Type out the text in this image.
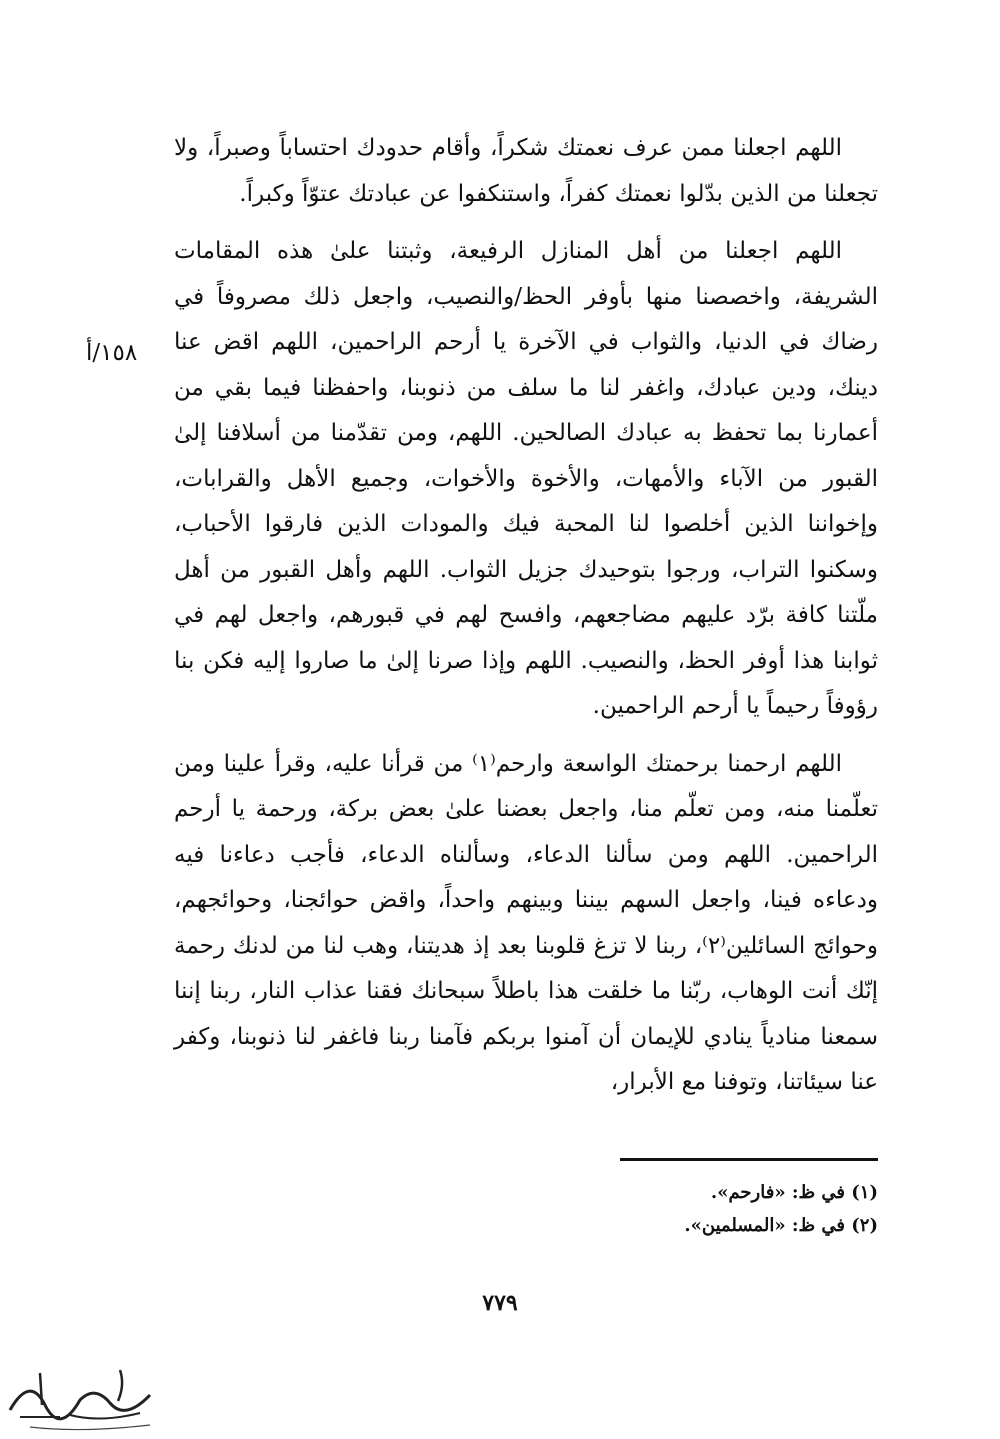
اللهم اجعلنا ممن عرف نعمتك شكراً، وأقام حدودك احتساباً وصبراً، ولا تجعلنا من الذين بدّلوا نعمتك كفراً، واستنكفوا عن عبادتك عتوّاً وكبراً.

اللهم اجعلنا من أهل المنازل الرفيعة، وثبتنا علىٰ هذه المقامات الشريفة، واخصصنا منها بأوفر الحظ/والنصيب، واجعل ذلك مصروفاً في رضاك في الدنيا، والثواب في الآخرة يا أرحم الراحمين، اللهم اقض عنا دينك، ودين عبادك، واغفر لنا ما سلف من ذنوبنا، واحفظنا فيما بقي من أعمارنا بما تحفظ به عبادك الصالحين. اللهم، ومن تقدّمنا من أسلافنا إلىٰ القبور من الآباء والأمهات، والأخوة والأخوات، وجميع الأهل والقرابات، وإخواننا الذين أخلصوا لنا المحبة فيك والمودات الذين فارقوا الأحباب، وسكنوا التراب، ورجوا بتوحيدك جزيل الثواب. اللهم وأهل القبور من أهل ملّتنا كافة برّد عليهم مضاجعهم، وافسح لهم في قبورهم، واجعل لهم في ثوابنا هذا أوفر الحظ، والنصيب. اللهم وإذا صرنا إلىٰ ما صاروا إليه فكن بنا رؤوفاً رحيماً يا أرحم الراحمين.

اللهم ارحمنا برحمتك الواسعة وارحم⁽١⁾ من قرأنا عليه، وقرأ علينا ومن تعلّمنا منه، ومن تعلّم منا، واجعل بعضنا علىٰ بعض بركة، ورحمة يا أرحم الراحمين. اللهم ومن سألنا الدعاء، وسألناه الدعاء، فأجب دعاءنا فيه ودعاءه فينا، واجعل السهم بيننا وبينهم واحداً، واقض حوائجنا، وحوائجهم، وحوائج السائلين⁽٢⁾، ربنا لا تزغ قلوبنا بعد إذ هديتنا، وهب لنا من لدنك رحمة إنّك أنت الوهاب، ربّنا ما خلقت هذا باطلاً سبحانك فقنا عذاب النار، ربنا إننا سمعنا منادياً ينادي للإيمان أن آمنوا بربكم فآمنا ربنا فاغفر لنا ذنوبنا، وكفر عنا سيئاتنا، وتوفنا مع الأبرار،

١٥٨/أ

(١) في ظ: «فارحم».

(٢) في ظ: «المسلمين».

٧٧٩
